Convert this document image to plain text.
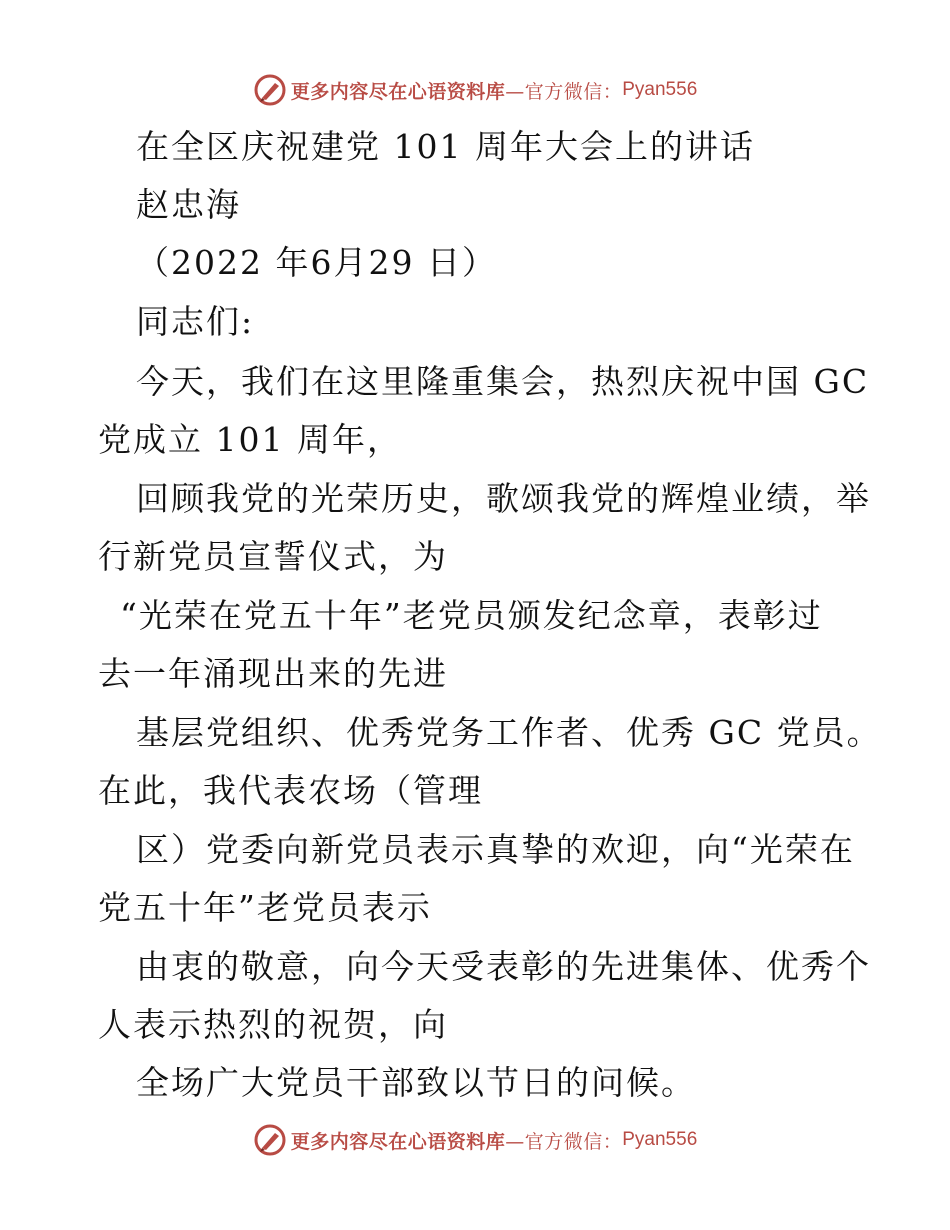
更多内容尽在心语资料库 —官方微信： Pyan556
在全区庆祝建党 101 周年大会上的讲话
赵忠海
（2022 年6月29 日）
同志们:
今天，我们在这里隆重集会，热烈庆祝中国 GC
党成立 101 周年，
回顾我党的光荣历史，歌颂我党的辉煌业绩，举
行新党员宣誓仪式，为
“光荣在党五十年”老党员颁发纪念章，表彰过
去一年涌现出来的先进
基层党组织、优秀党务工作者、优秀 GC 党员。
在此，我代表农场（管理
区）党委向新党员表示真挚的欢迎，向“光荣在
党五十年”老党员表示
由衷的敬意，向今天受表彰的先进集体、优秀个
人表示热烈的祝贺，向
全场广大党员干部致以节日的问候。
更多内容尽在心语资料库 —官方微信： Pyan556
